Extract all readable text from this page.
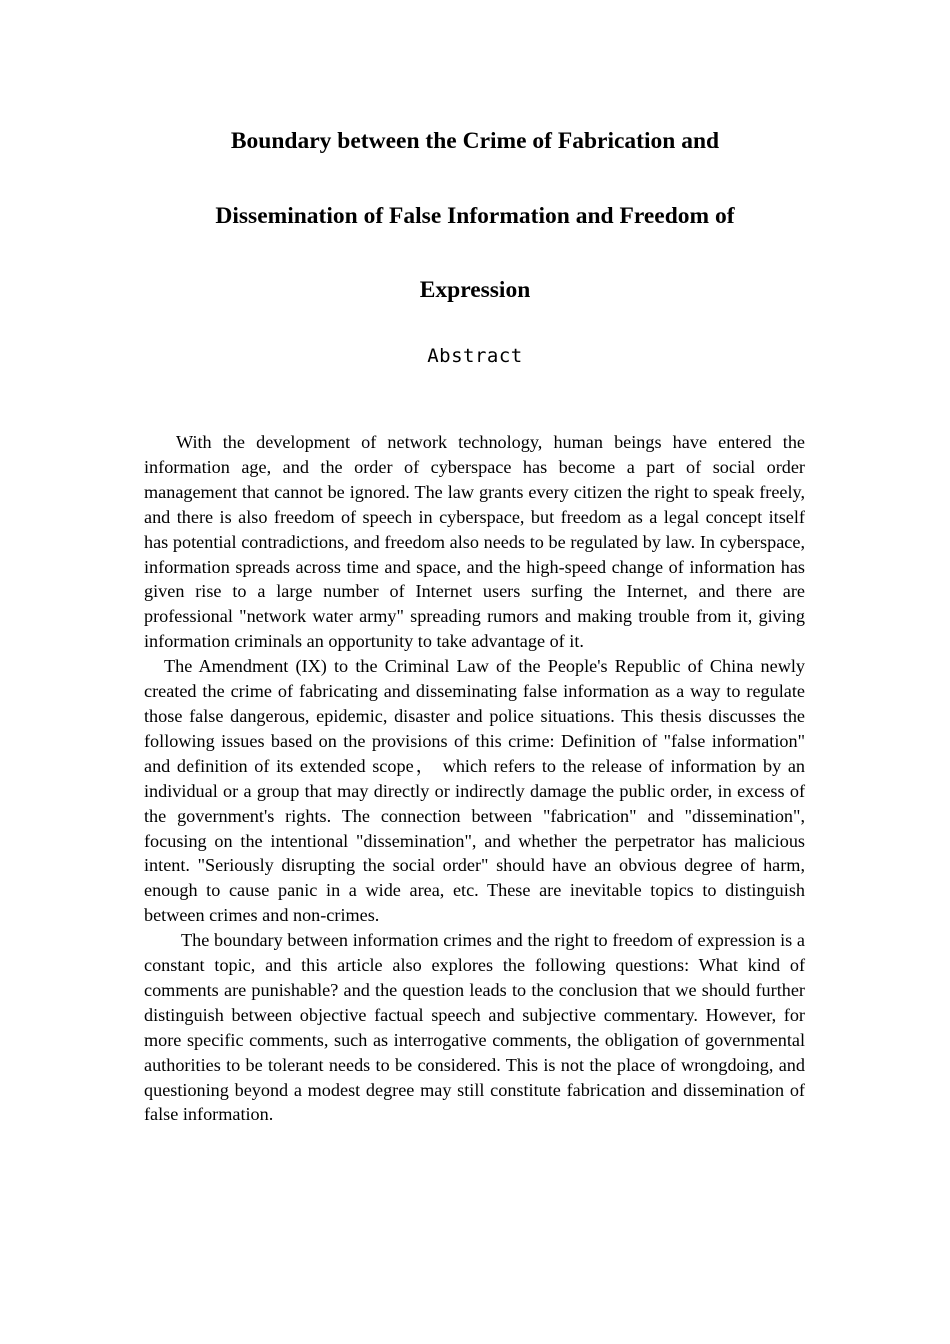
Boundary between the Crime of Fabrication and
Dissemination of False Information and Freedom of
Expression
Abstract

With the development of network technology, human beings have entered the information age, and the order of cyberspace has become a part of social order management that cannot be ignored. The law grants every citizen the right to speak freely, and there is also freedom of speech in cyberspace, but freedom as a legal concept itself has potential contradictions, and freedom also needs to be regulated by law. In cyberspace, information spreads across time and space, and the high-speed change of information has given rise to a large number of Internet users surfing the Internet, and there are professional "network water army" spreading rumors and making trouble from it, giving information criminals an opportunity to take advantage of it.

The Amendment (IX) to the Criminal Law of the People's Republic of China newly created the crime of fabricating and disseminating false information as a way to regulate those false dangerous, epidemic, disaster and police situations. This thesis discusses the following issues based on the provisions of this crime: Definition of "false information" and definition of its extended scope， which refers to the release of information by an individual or a group that may directly or indirectly damage the public order, in excess of the government's rights. The connection between "fabrication" and "dissemination", focusing on the intentional "dissemination", and whether the perpetrator has malicious intent. "Seriously disrupting the social order" should have an obvious degree of harm, enough to cause panic in a wide area, etc. These are inevitable topics to distinguish between crimes and non-crimes.

The boundary between information crimes and the right to freedom of expression is a constant topic, and this article also explores the following questions: What kind of comments are punishable? and the question leads to the conclusion that we should further distinguish between objective factual speech and subjective commentary. However, for more specific comments, such as interrogative comments, the obligation of governmental authorities to be tolerant needs to be considered. This is not the place of wrongdoing, and questioning beyond a modest degree may still constitute fabrication and dissemination of false information.
